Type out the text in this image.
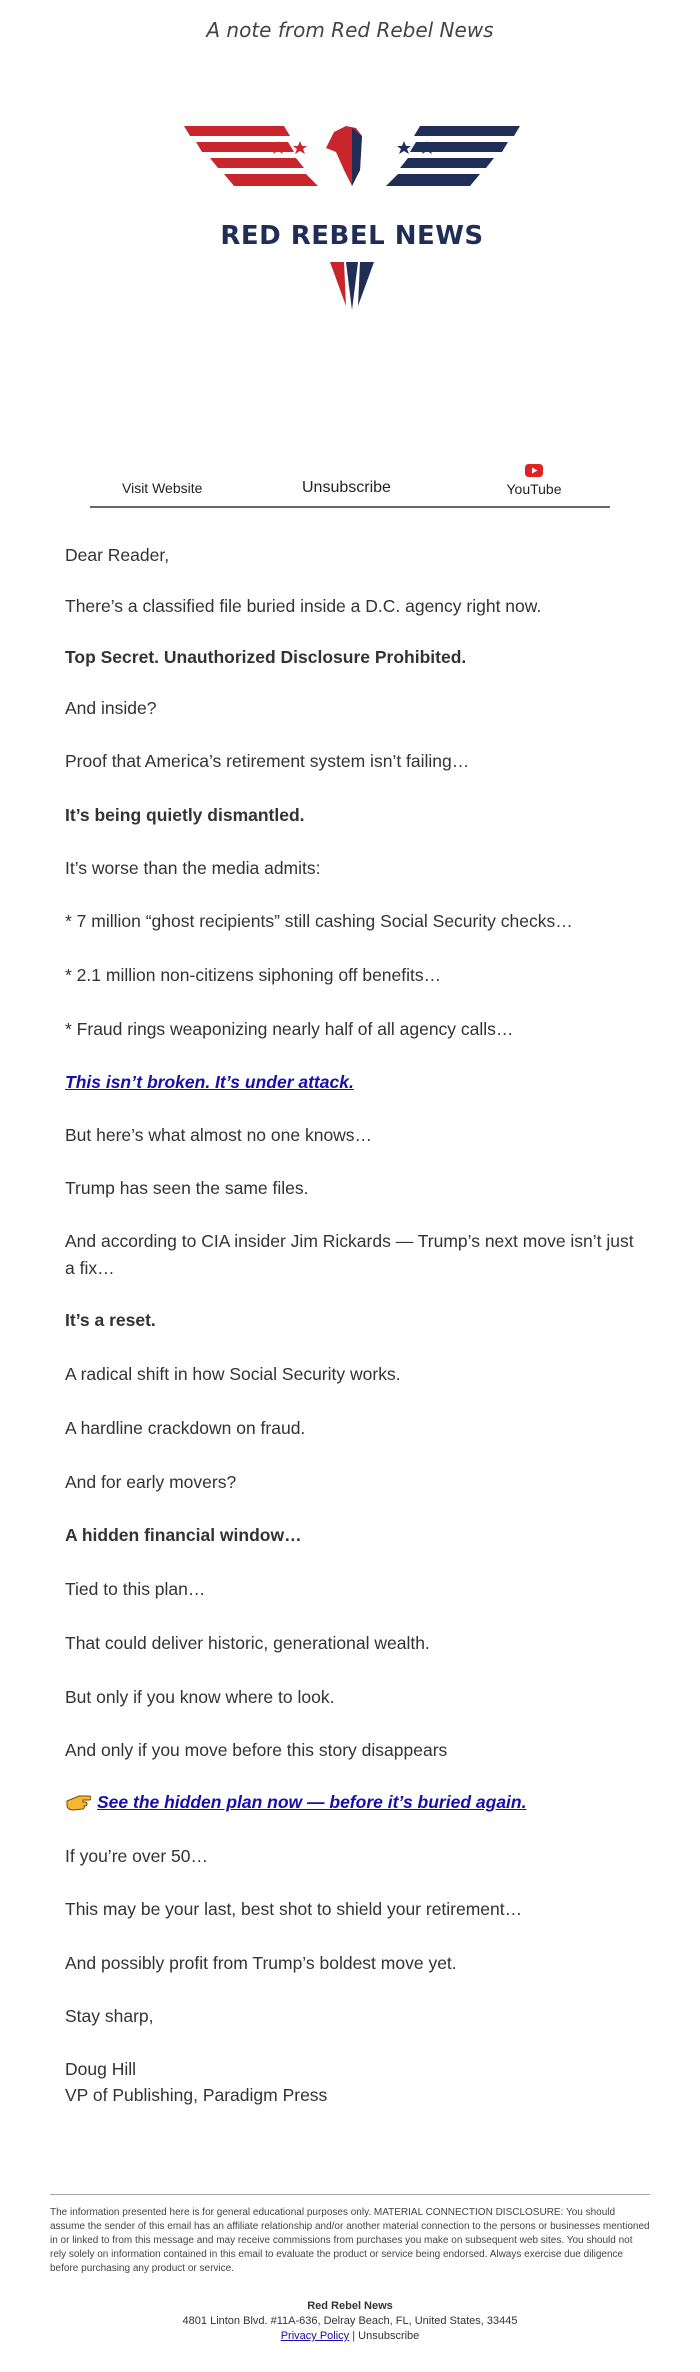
A note from Red Rebel News
RED REBEL NEWS
Visit Website	Unsubscribe	YouTube
Dear Reader,
There’s a classified file buried inside a D.C. agency right now.
Top Secret. Unauthorized Disclosure Prohibited.
And inside?
Proof that America’s retirement system isn’t failing…
It’s being quietly dismantled.
It’s worse than the media admits:
* 7 million “ghost recipients” still cashing Social Security checks…
* 2.1 million non-citizens siphoning off benefits…
* Fraud rings weaponizing nearly half of all agency calls…
This isn’t broken. It’s under attack.
But here’s what almost no one knows…
Trump has seen the same files.
And according to CIA insider Jim Rickards — Trump’s next move isn’t just a fix…
It’s a reset.
A radical shift in how Social Security works.
A hardline crackdown on fraud.
And for early movers?
A hidden financial window…
Tied to this plan…
That could deliver historic, generational wealth.
But only if you know where to look.
And only if you move before this story disappears
See the hidden plan now — before it’s buried again.
If you’re over 50…
This may be your last, best shot to shield your retirement…
And possibly profit from Trump’s boldest move yet.
Stay sharp,
Doug Hill
VP of Publishing, Paradigm Press
The information presented here is for general educational purposes only. MATERIAL CONNECTION DISCLOSURE: You should assume the sender of this email has an affiliate relationship and/or another material connection to the persons or businesses mentioned in or linked to from this message and may receive commissions from purchases you make on subsequent web sites. You should not rely solely on information contained in this email to evaluate the product or service being endorsed. Always exercise due diligence before purchasing any product or service.
Red Rebel News
4801 Linton Blvd. #11A-636, Delray Beach, FL, United States, 33445
Privacy Policy | Unsubscribe
